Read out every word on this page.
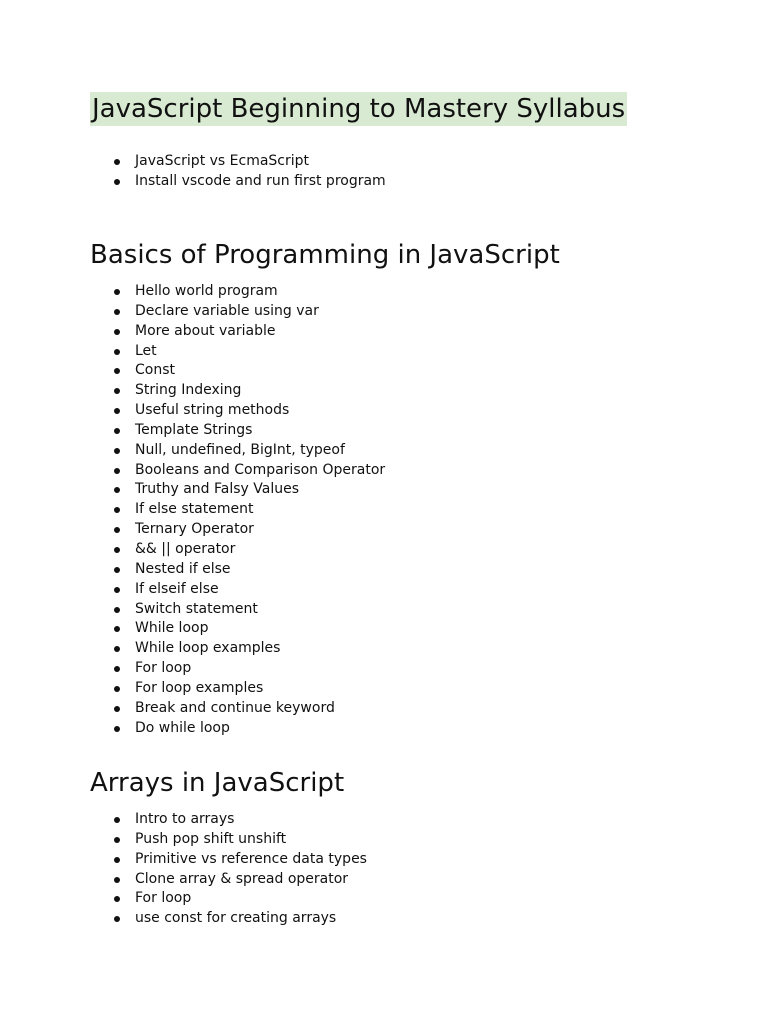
JavaScript Beginning to Mastery Syllabus
JavaScript vs EcmaScript
Install vscode and run first program
Basics of Programming in JavaScript
Hello world program
Declare variable using var
More about variable
Let
Const
String Indexing
Useful string methods
Template Strings
Null, undefined, BigInt, typeof
Booleans and Comparison Operator
Truthy and Falsy Values
If else statement
Ternary Operator
&& || operator
Nested if else
If elseif else
Switch statement
While loop
While loop examples
For loop
For loop examples
Break and continue keyword
Do while loop
Arrays in JavaScript
Intro to arrays
Push pop shift unshift
Primitive vs reference data types
Clone array & spread operator
For loop
use const for creating arrays
